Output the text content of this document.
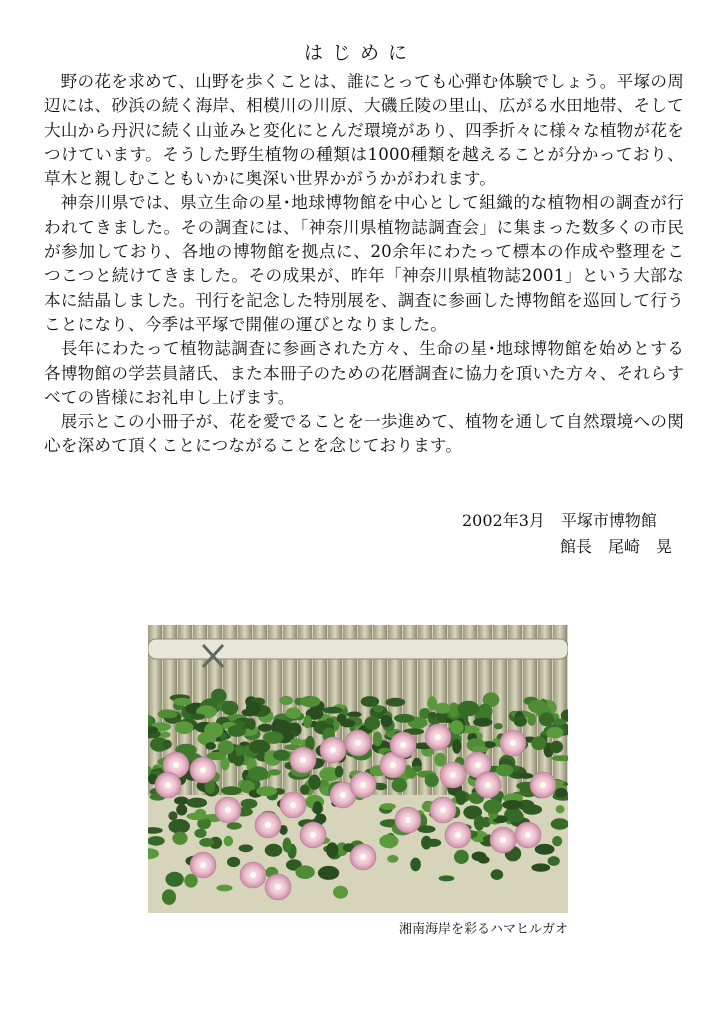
はじめに

野の花を求めて、山野を歩くことは、誰にとっても心弾む体験でしょう。平塚の周辺には、砂浜の続く海岸、相模川の川原、大磯丘陵の里山、広がる水田地帯、そして大山から丹沢に続く山並みと変化にとんだ環境があり、四季折々に様々な植物が花をつけています。そうした野生植物の種類は1000種類を越えることが分かっており、草木と親しむこともいかに奥深い世界かがうかがわれます。

神奈川県では、県立生命の星･地球博物館を中心として組織的な植物相の調査が行われてきました。その調査には、「神奈川県植物誌調査会」に集まった数多くの市民が参加しており、各地の博物館を拠点に、20余年にわたって標本の作成や整理をこつこつと続けてきました。その成果が、昨年「神奈川県植物誌2001」という大部な本に結晶しました。刊行を記念した特別展を、調査に参画した博物館を巡回して行うことになり、今季は平塚で開催の運びとなりました。

長年にわたって植物誌調査に参画された方々、生命の星･地球博物館を始めとする各博物館の学芸員諸氏、また本冊子のための花暦調査に協力を頂いた方々、それらすべての皆様にお礼申し上げます。

展示とこの小冊子が、花を愛でることを一歩進めて、植物を通して自然環境への関心を深めて頂くことにつながることを念じております。

2002年3月　平塚市博物館
館長　尾崎　晃
湘南海岸を彩るハマヒルガオ
